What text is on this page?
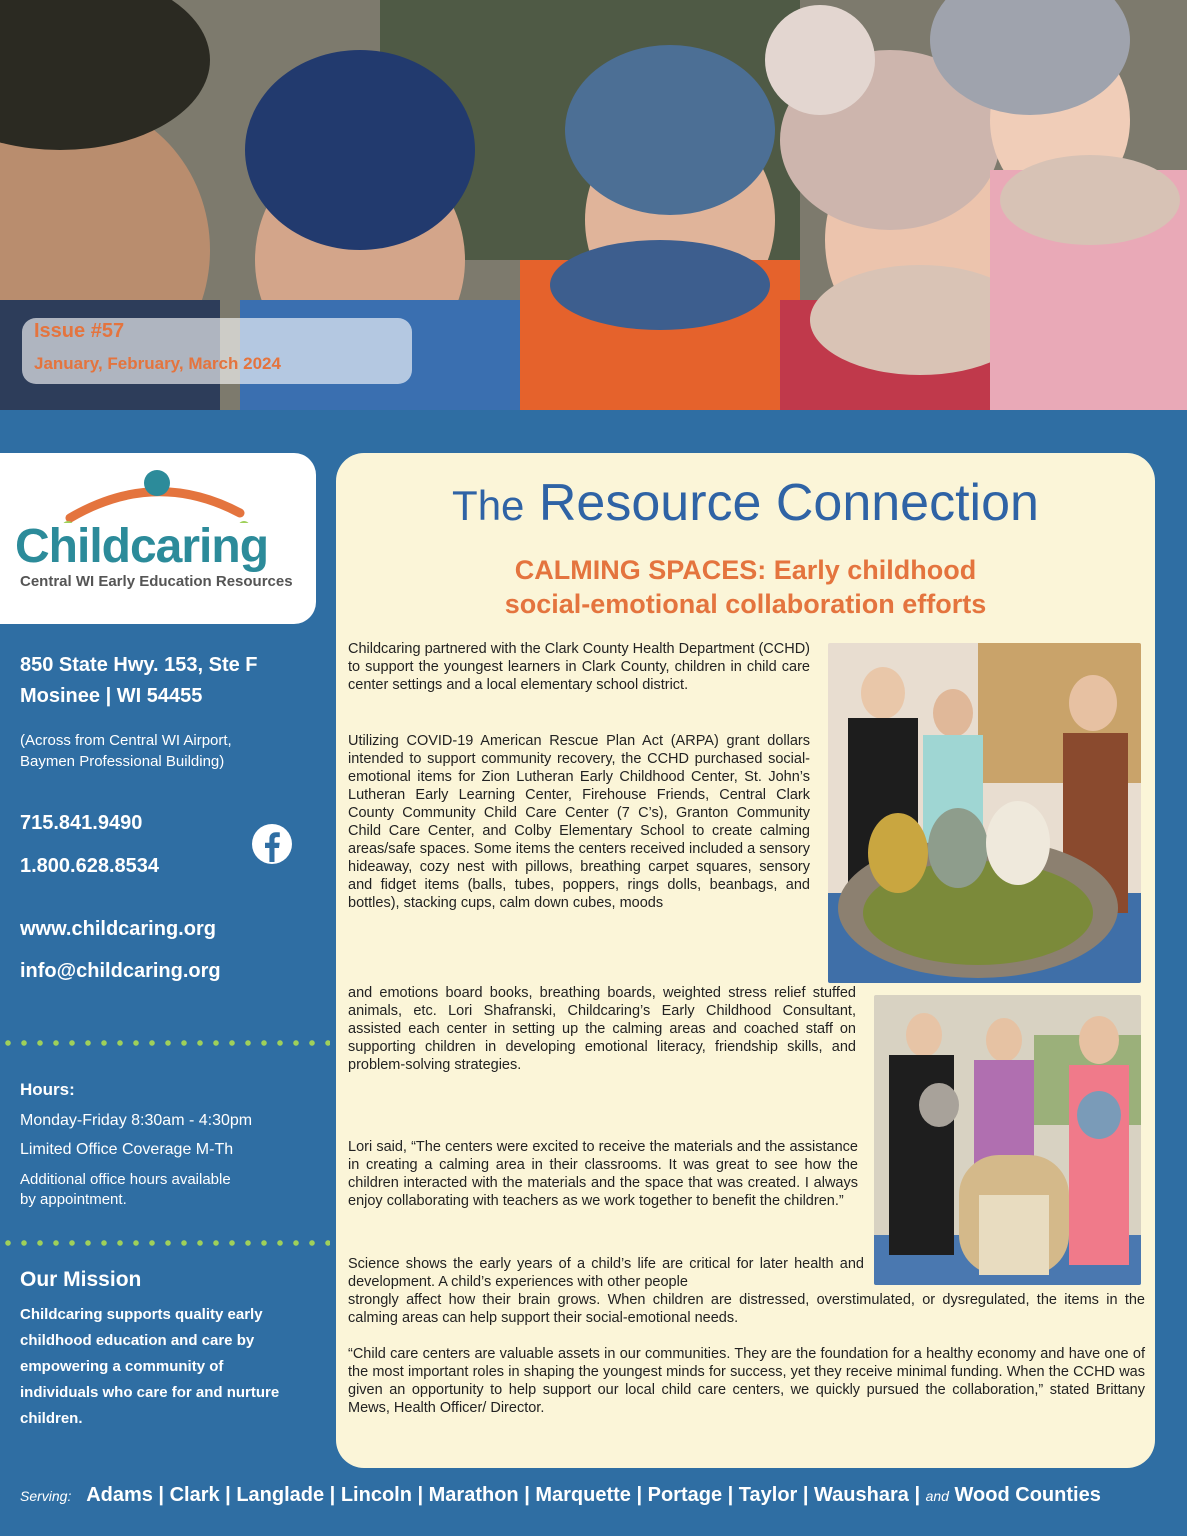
Issue #57
January, February, March 2024
Childcaring
Central WI Early Education Resources
850 State Hwy. 153, Ste F
Mosinee | WI 54455
(Across from Central WI Airport,
Baymen Professional Building)
715.841.9490
1.800.628.8534
www.childcaring.org
info@childcaring.org
Hours:
Monday-Friday 8:30am - 4:30pm
Limited Office Coverage M-Th
Additional office hours available
by appointment.
Our Mission
Childcaring supports quality early childhood education and care by empowering a community of individuals who care for and nurture children.
The Resource Connection
CALMING SPACES: Early childhood
social-emotional collaboration efforts

Childcaring partnered with the Clark County Health Department (CCHD) to support the youngest learners in Clark County, children in child care center settings and a local elementary school district.

Utilizing COVID-19 American Rescue Plan Act (ARPA) grant dollars intended to support community recovery, the CCHD purchased social-emotional items for Zion Lutheran Early Childhood Center, St. John’s Lutheran Early Learning Center, Firehouse Friends, Central Clark County Community Child Care Center (7 C’s), Granton Community Child Care Center, and Colby Elementary School to create calming areas/safe spaces. Some items the centers received included a sensory hideaway, cozy nest with pillows, breathing carpet squares, sensory and fidget items (balls, tubes, poppers, rings dolls, beanbags, and bottles), stacking cups, calm down cubes, moods

and emotions board books, breathing boards, weighted stress relief stuffed animals, etc. Lori Shafranski, Childcaring’s Early Childhood Consultant, assisted each center in setting up the calming areas and coached staff on supporting children in developing emotional literacy, friendship skills, and problem-solving strategies.

Lori said, “The centers were excited to receive the materials and the assistance in creating a calming area in their classrooms. It was great to see how the children interacted with the materials and the space that was created. I always enjoy collaborating with teachers as we work together to benefit the children.”

Science shows the early years of a child’s life are critical for later health and development. A child’s experiences with other people

strongly affect how their brain grows. When children are distressed, overstimulated, or dysregulated, the items in the calming areas can help support their social-emotional needs.

“Child care centers are valuable assets in our communities. They are the foundation for a healthy economy and have one of the most important roles in shaping the youngest minds for success, yet they receive minimal funding. When the CCHD was given an opportunity to help support our local child care centers, we quickly pursued the collaboration,” stated Brittany Mews, Health Officer/ Director.

Serving: Adams | Clark | Langlade | Lincoln | Marathon | Marquette | Portage | Taylor | Waushara | and Wood Counties
